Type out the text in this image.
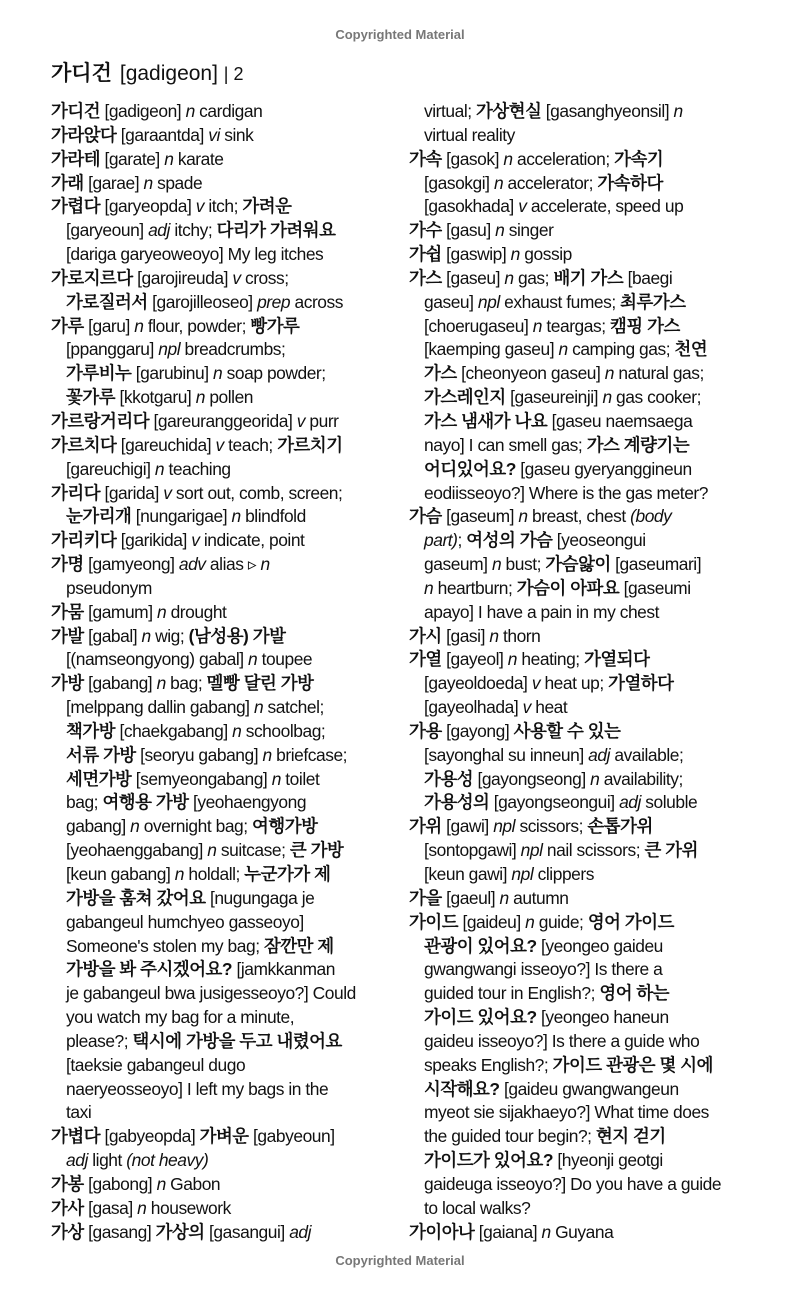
Copyrighted Material
가디건 [gadigeon] | 2
가디건 [gadigeon] n cardigan
가라앉다 [garaantda] vi sink
가라테 [garate] n karate
가래 [garae] n spade
가렵다 [garyeopda] v itch; 가려운
[garyeoun] adj itchy; 다리가 가려워요
[dariga garyeoweoyo] My leg itches
가로지르다 [garojireuda] v cross;
가로질러서 [garojilleoseo] prep across
가루 [garu] n flour, powder; 빵가루
[ppanggaru] npl breadcrumbs;
가루비누 [garubinu] n soap powder;
꽃가루 [kkotgaru] n pollen
가르랑거리다 [gareuranggeorida] v purr
가르치다 [gareuchida] v teach; 가르치기
[gareuchigi] n teaching
가리다 [garida] v sort out, comb, screen;
눈가리개 [nungarigae] n blindfold
가리키다 [garikida] v indicate, point
가명 [gamyeong] adv alias ▹ n
pseudonym
가뭄 [gamum] n drought
가발 [gabal] n wig; (남성용) 가발
[(namseongyong) gabal] n toupee
가방 [gabang] n bag; 멜빵 달린 가방
[melppang dallin gabang] n satchel;
책가방 [chaekgabang] n schoolbag;
서류 가방 [seoryu gabang] n briefcase;
세면가방 [semyeongabang] n toilet
bag; 여행용 가방 [yeohaengyong
gabang] n overnight bag; 여행가방
[yeohaenggabang] n suitcase; 큰 가방
[keun gabang] n holdall; 누군가가 제
가방을 훔쳐 갔어요 [nugungaga je
gabangeul humchyeo gasseoyo]
Someone's stolen my bag; 잠깐만 제
가방을 봐 주시겠어요? [jamkkanman
je gabangeul bwa jusigesseoyo?] Could
you watch my bag for a minute,
please?; 택시에 가방을 두고 내렸어요
[taeksie gabangeul dugo
naeryeosseoyo] I left my bags in the
taxi
가볍다 [gabyeopda] 가벼운 [gabyeoun]
adj light (not heavy)
가봉 [gabong] n Gabon
가사 [gasa] n housework
가상 [gasang] 가상의 [gasangui] adj
virtual; 가상현실 [gasanghyeonsil] n
virtual reality
가속 [gasok] n acceleration; 가속기
[gasokgi] n accelerator; 가속하다
[gasokhada] v accelerate, speed up
가수 [gasu] n singer
가쉽 [gaswip] n gossip
가스 [gaseu] n gas; 배기 가스 [baegi
gaseu] npl exhaust fumes; 최루가스
[choerugaseu] n teargas; 캠핑 가스
[kaemping gaseu] n camping gas; 천연
가스 [cheonyeon gaseu] n natural gas;
가스레인지 [gaseureinji] n gas cooker;
가스 냄새가 나요 [gaseu naemsaega
nayo] I can smell gas; 가스 계량기는
어디있어요? [gaseu gyeryanggineun
eodiisseoyo?] Where is the gas meter?
가슴 [gaseum] n breast, chest (body
part); 여성의 가슴 [yeoseongui
gaseum] n bust; 가슴앓이 [gaseumari]
n heartburn; 가슴이 아파요 [gaseumi
apayo] I have a pain in my chest
가시 [gasi] n thorn
가열 [gayeol] n heating; 가열되다
[gayeoldoeda] v heat up; 가열하다
[gayeolhada] v heat
가용 [gayong] 사용할 수 있는
[sayonghal su inneun] adj available;
가용성 [gayongseong] n availability;
가용성의 [gayongseongui] adj soluble
가위 [gawi] npl scissors; 손톱가위
[sontopgawi] npl nail scissors; 큰 가위
[keun gawi] npl clippers
가을 [gaeul] n autumn
가이드 [gaideu] n guide; 영어 가이드
관광이 있어요? [yeongeo gaideu
gwangwangi isseoyo?] Is there a
guided tour in English?; 영어 하는
가이드 있어요? [yeongeo haneun
gaideu isseoyo?] Is there a guide who
speaks English?; 가이드 관광은 몇 시에
시작해요? [gaideu gwangwangeun
myeot sie sijakhaeyo?] What time does
the guided tour begin?; 현지 걷기
가이드가 있어요? [hyeonji geotgi
gaideuga isseoyo?] Do you have a guide
to local walks?
가이아나 [gaiana] n Guyana
Copyrighted Material
